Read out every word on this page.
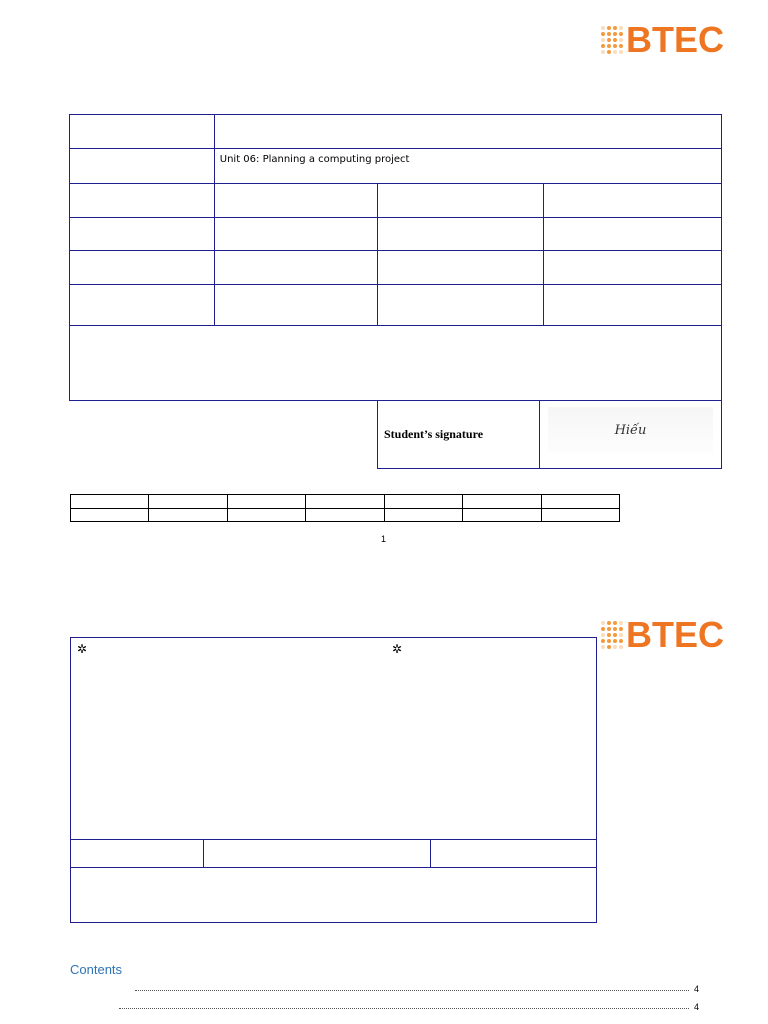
BTEC

	Unit 06: Planning a computing project		

Student’s signature	Hiếu

1
BTEC
✲	✲
Contents
4
4
